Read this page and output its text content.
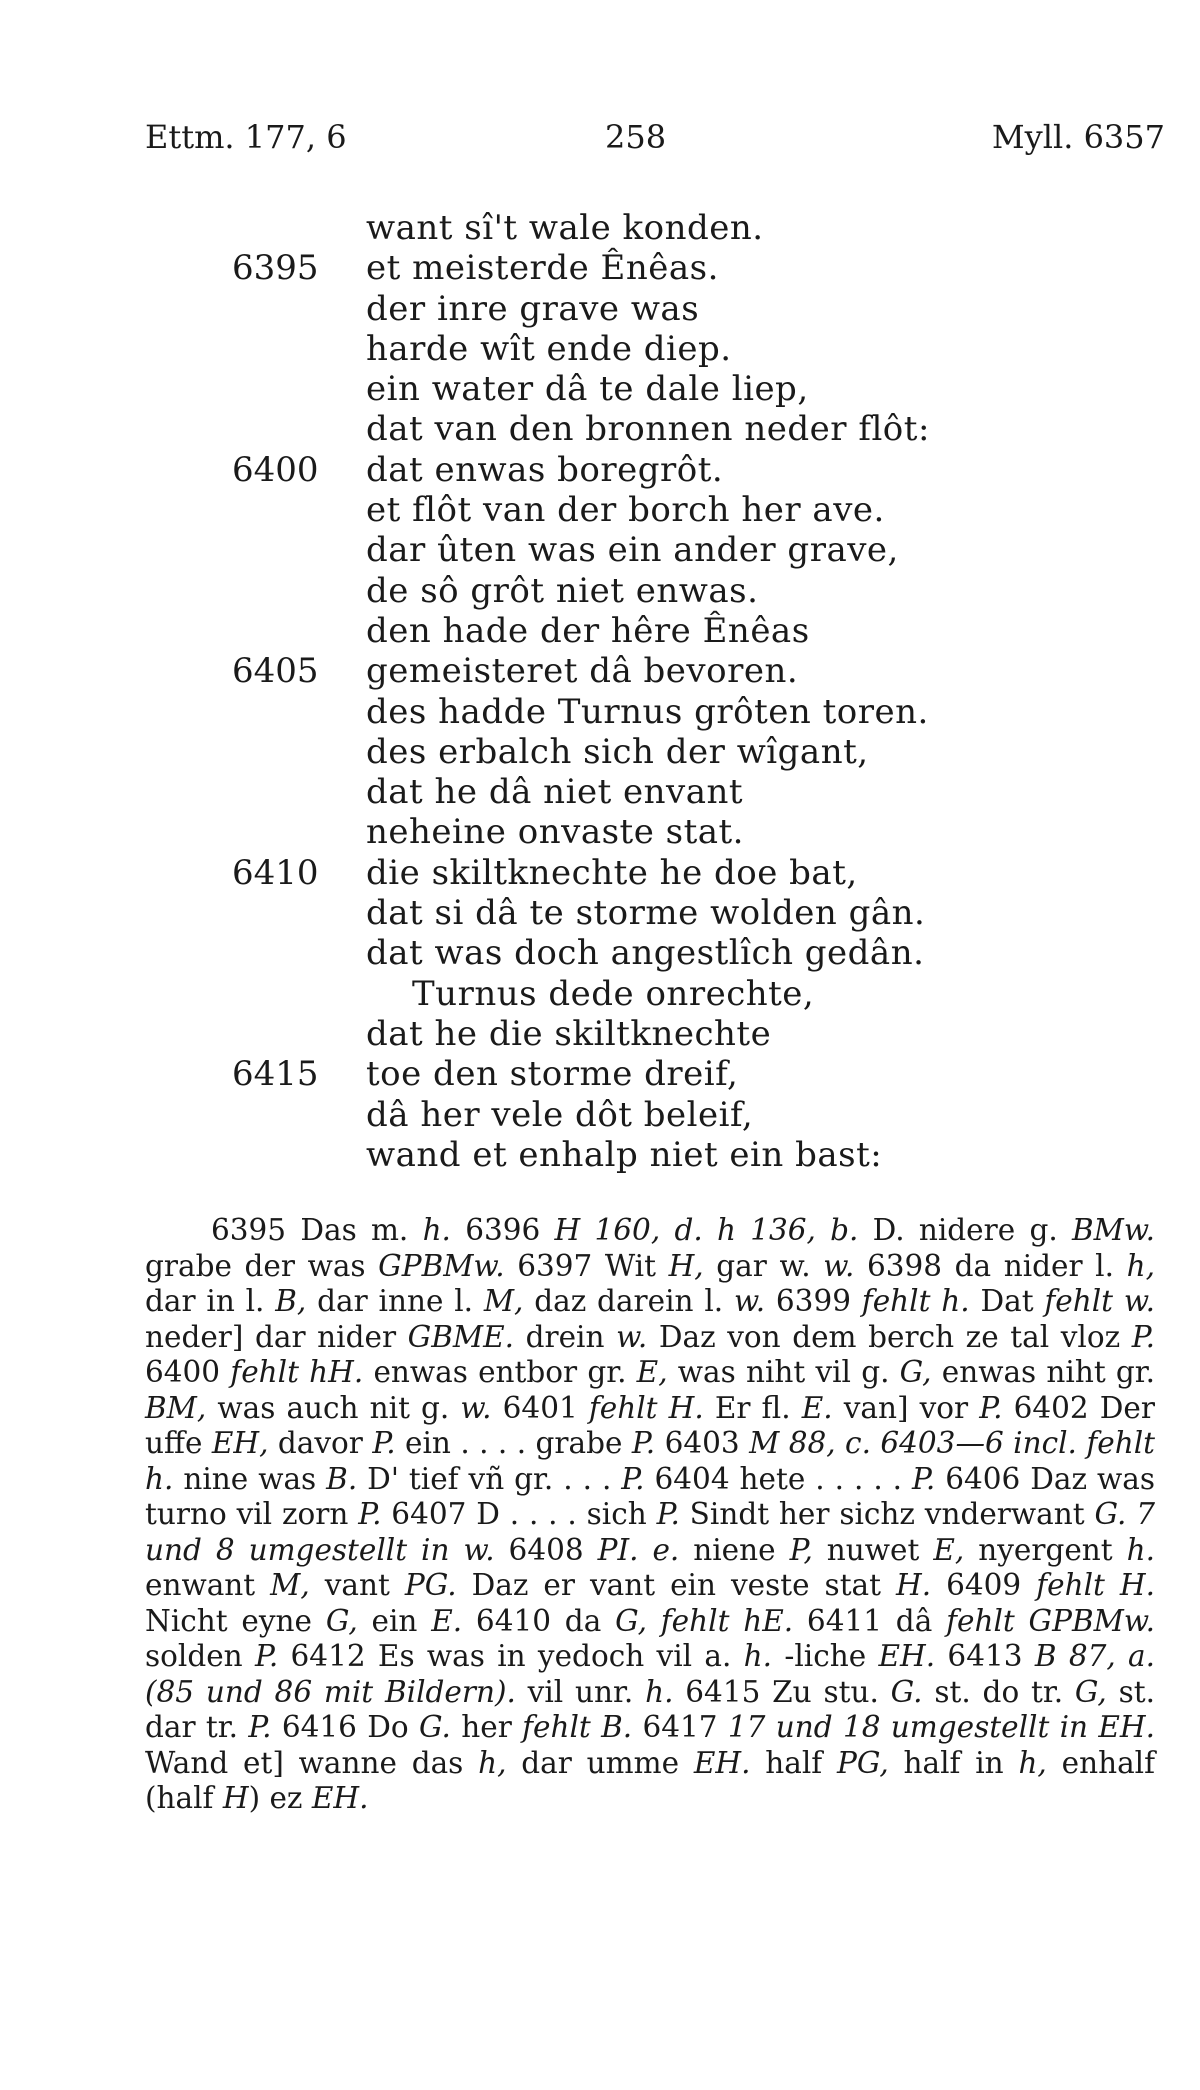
Ettm. 177, 6	258	Myll. 6357
want sî't wale konden.
6395	et meisterde Ênêas.
der inre grave was
harde wît ende diep.
ein water dâ te dale liep,
dat van den bronnen neder flôt:
6400	dat enwas boregrôt.
et flôt van der borch her ave.
dar ûten was ein ander grave,
de sô grôt niet enwas.
den hade der hêre Ênêas
6405	gemeisteret dâ bevoren.
des hadde Turnus grôten toren.
des erbalch sich der wîgant,
dat he dâ niet envant
neheine onvaste stat.
6410	die skiltknechte he doe bat,
dat si dâ te storme wolden gân.
dat was doch angestlîch gedân.
Turnus dede onrechte,
dat he die skiltknechte
6415	toe den storme dreif,
dâ her vele dôt beleif,
wand et enhalp niet ein bast:
6395 Das m. h. 6396 H 160, d. h 136, b. D. nidere g. BMw. grabe der was GPBMw. 6397 Wit H, gar w. w. 6398 da nider l. h, dar in l. B, dar inne l. M, daz darein l. w. 6399 fehlt h. Dat fehlt w. neder] dar nider GBME. drein w. Daz von dem berch ze tal vloz P. 6400 fehlt hH. enwas entbor gr. E, was niht vil g. G, enwas niht gr. BM, was auch nit g. w. 6401 fehlt H. Er fl. E. van] vor P. 6402 Der uffe EH, davor P. ein . . . . grabe P. 6403 M 88, c. 6403—6 incl. fehlt h. nine was B. D' tief vñ gr. . . . P. 6404 hete . . . . . P. 6406 Daz was turno vil zorn P. 6407 D . . . . sich P. Sindt her sichz vnderwant G. 7 und 8 umgestellt in w. 6408 PI. e. niene P, nuwet E, nyergent h. enwant M, vant PG. Daz er vant ein veste stat H. 6409 fehlt H. Nicht eyne G, ein E. 6410 da G, fehlt hE. 6411 dâ fehlt GPBMw. solden P. 6412 Es was in yedoch vil a. h. -liche EH. 6413 B 87, a. (85 und 86 mit Bildern). vil unr. h. 6415 Zu stu. G. st. do tr. G, st. dar tr. P. 6416 Do G. her fehlt B. 6417 17 und 18 umgestellt in EH. Wand et] wanne das h, dar umme EH. half PG, half in h, enhalf (half H) ez EH.
